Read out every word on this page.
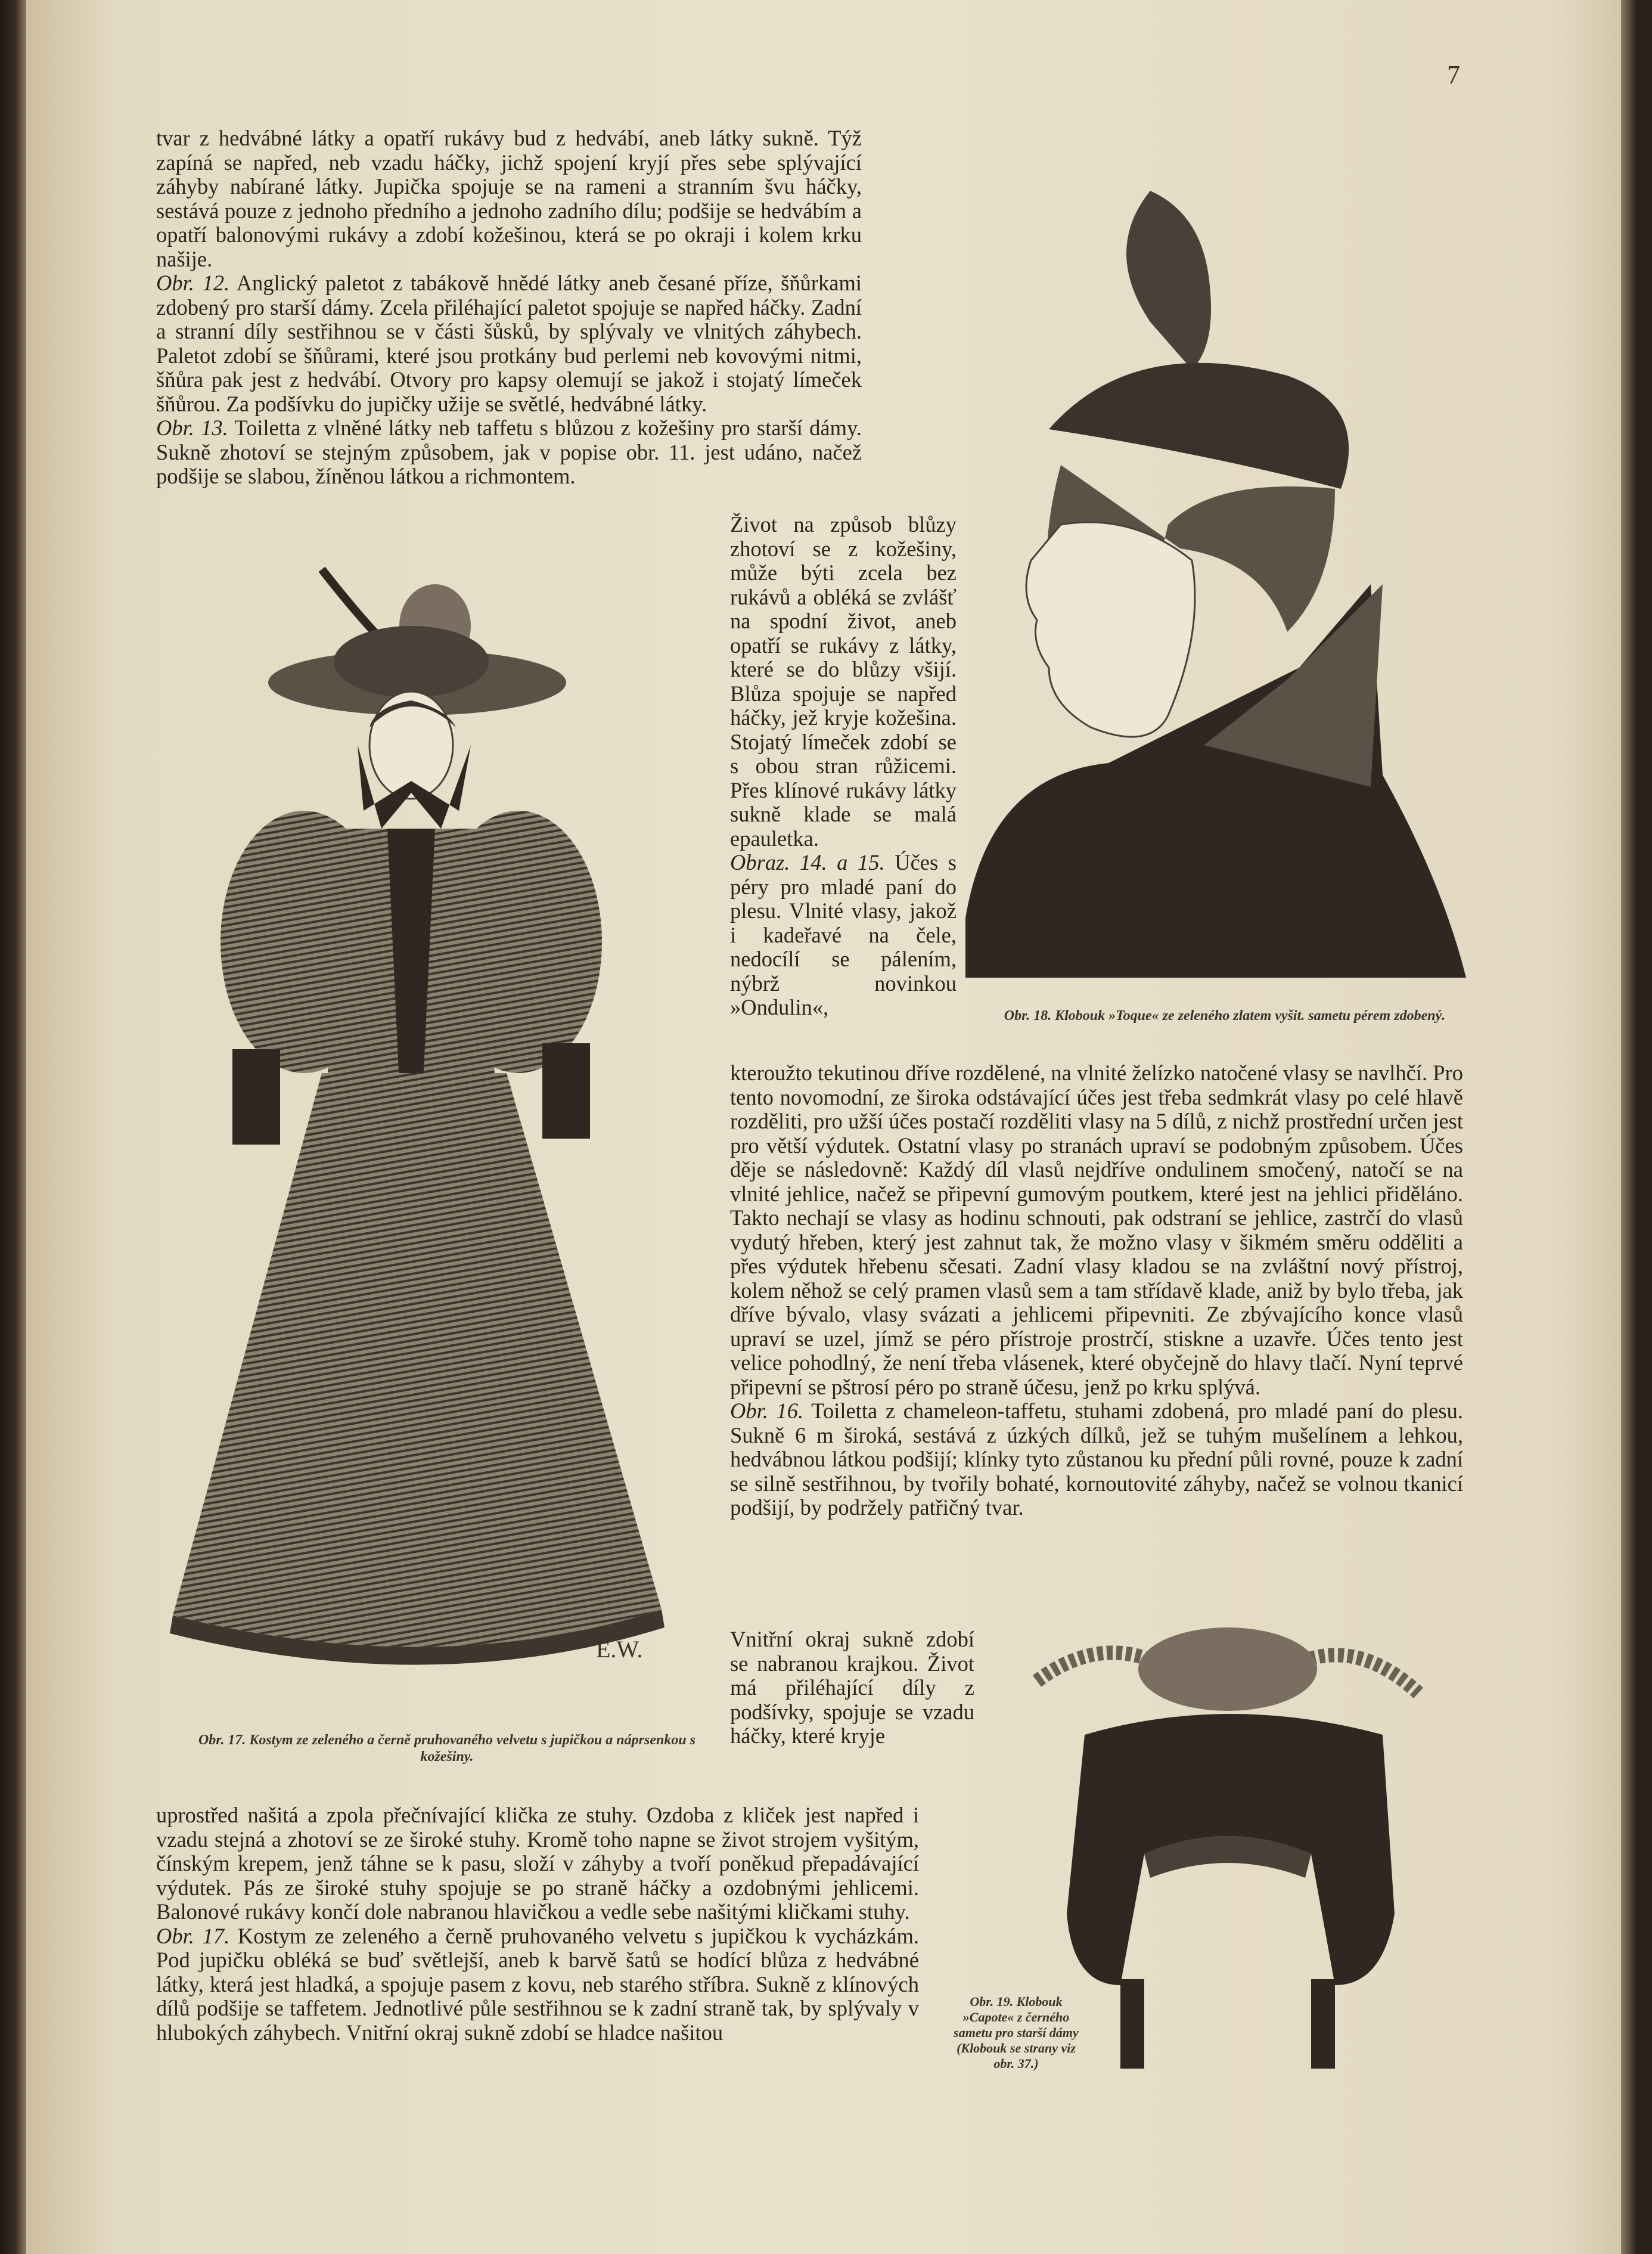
7

tvar z hedvábné látky a opatří rukávy bud z hedvábí, aneb látky sukně. Týž zapíná se napřed, neb vzadu háčky, jichž spojení kryjí přes sebe splývající záhyby nabírané látky. Jupička spojuje se na rameni a stranním švu háčky, sestává pouze z jednoho předního a jednoho zadního dílu; podšije se hedvábím a opatří balonovými rukávy a zdobí kožešinou, která se po okraji i kolem krku našije.
Obr. 12. Anglický paletot z tabákově hnědé látky aneb česané příze, šňůrkami zdobený pro starší dámy. Zcela přiléhající paletot spojuje se napřed háčky. Zadní a stranní díly sestřihnou se v části šůsků, by splývaly ve vlnitých záhybech. Paletot zdobí se šňůrami, které jsou protkány bud perlemi neb kovovými nitmi, šňůra pak jest z hedvábí. Otvory pro kapsy olemují se jakož i stojatý límeček šňůrou. Za podšívku do jupičky užije se světlé, hedvábné látky.
Obr. 13. Toiletta z vlněné látky neb taffetu s blůzou z kožešiny pro starší dámy. Sukně zhotoví se stejným způsobem, jak v popise obr. 11. jest udáno, načež podšije se slabou, žíněnou látkou a richmontem.

Život na způsob blůzy zhotoví se z kožešiny, může býti zcela bez rukávů a obléká se zvlášť na spodní život, aneb opatří se rukávy z látky, které se do blůzy všijí. Blůza spojuje se napřed háčky, jež kryje kožešina. Stojatý límeček zdobí se s obou stran růžicemi. Přes klínové rukávy látky sukně klade se malá epauletka.
Obraz. 14. a 15. Účes s péry pro mladé paní do plesu. Vlnité vlasy, jakož i kadeřavé na čele, nedocílí se pálením, nýbrž novinkou »Ondulin«,

kteroužto tekutinou dříve rozdělené, na vlnité želízko natočené vlasy se navlhčí. Pro tento novomodní, ze široka odstávající účes jest třeba sedmkrát vlasy po celé hlavě rozděliti, pro užší účes postačí rozděliti vlasy na 5 dílů, z nichž prostřední určen jest pro větší výdutek. Ostatní vlasy po stranách upraví se podobným způsobem. Účes děje se následovně: Každý díl vlasů nejdříve ondulinem smočený, natočí se na vlnité jehlice, načež se připevní gumovým poutkem, které jest na jehlici přiděláno. Takto nechají se vlasy as hodinu schnouti, pak odstraní se jehlice, zastrčí do vlasů vydutý hřeben, který jest zahnut tak, že možno vlasy v šikmém směru odděliti a přes výdutek hřebenu sčesati. Zadní vlasy kladou se na zvláštní nový přístroj, kolem něhož se celý pramen vlasů sem a tam střídavě klade, aniž by bylo třeba, jak dříve bývalo, vlasy svázati a jehlicemi připevniti. Ze zbývajícího konce vlasů upraví se uzel, jímž se péro přístroje prostrčí, stiskne a uzavře. Účes tento jest velice pohodlný, že není třeba vlásenek, které obyčejně do hlavy tlačí. Nyní teprvé připevní se pštrosí péro po straně účesu, jenž po krku splývá.
Obr. 16. Toiletta z chameleon-taffetu, stuhami zdobená, pro mladé paní do plesu. Sukně 6 m široká, sestává z úzkých dílků, jež se tuhým mušelínem a lehkou, hedvábnou látkou podšijí; klínky tyto zůstanou ku přední půli rovné, pouze k zadní se silně sestřihnou, by tvořily bohaté, kornoutovité záhyby, načež se volnou tkanicí podšijí, by podržely patřičný tvar.

Vnitřní okraj sukně zdobí se nabranou krajkou. Život má přiléhající díly z podšívky, spojuje se vzadu háčky, které kryje

uprostřed našitá a zpola přečnívající klička ze stuhy. Ozdoba z kliček jest napřed i vzadu stejná a zhotoví se ze široké stuhy. Kromě toho napne se život strojem vyšitým, čínským krepem, jenž táhne se k pasu, složí v záhyby a tvoří poněkud přepadávající výdutek. Pás ze široké stuhy spojuje se po straně háčky a ozdobnými jehlicemi. Balonové rukávy končí dole nabranou hlavičkou a vedle sebe našitými kličkami stuhy.
Obr. 17. Kostym ze zeleného a černě pruhovaného velvetu s jupičkou k vycházkám. Pod jupičku obléká se buď světlejší, aneb k barvě šatů se hodící blůza z hedvábné látky, která jest hladká, a spojuje pasem z kovu, neb starého stříbra. Sukně z klínových dílů podšije se taffetem. Jednotlivé půle sestřihnou se k zadní straně tak, by splývaly v hlubokých záhybech. Vnitřní okraj sukně zdobí se hladce našitou

E.W.

Obr. 17. Kostym ze zeleného a černě pruhovaného velvetu s jupičkou a náprsenkou s kožešiny.

Obr. 18. Klobouk »Toque« ze zeleného zlatem vyšit. sametu pérem zdobený.

Obr. 19. Klobouk »Capote« z černého sametu pro starší dámy (Klobouk se strany viz obr. 37.)
